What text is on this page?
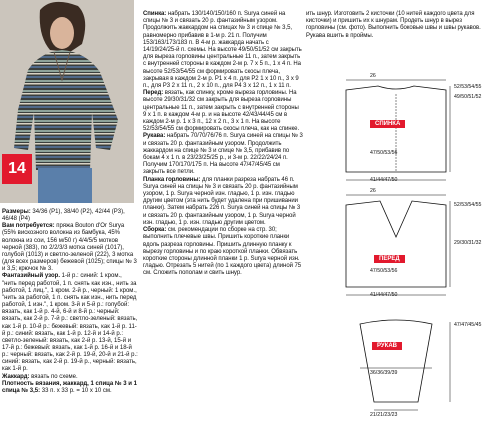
14

Размеры: 34/36 (P1), 38/40 (P2), 42/44 (P3), 46/48 (P4)

Вам потребуется: пряжа Bouton d'Or Surya (55% вискозного волокна из бамбука, 45% волокна из сои, 156 м/50 г) 4/4/5/5 мотков черной (383), по 2/2/3/3 мотка синей (1017), голубой (1013) и светло-зеленой (222), 3 мотка (для всех размеров) бежевой (1025); спицы № 3 и 3,5; крючок № 3.

Фантазийный узор. 1-й р.: синий: 1 кром., "нить перед работой, 1 п. снять как изн., нить за работой, 1 лиц.", 1 кром. 2-й р., черный: 1 кром., "нить за работой, 1 п. снять как изн., нить перед работой, 1 изн.", 1 кром. 3-й и 5-й р.: голубой: вязать, как 1-й р. 4-й, 6-й и 8-й р.: черный: вязать, как 2-й р. 7-й р.: светло-зеленый: вязать, как 1-й р. 10-й р.: бежевый: вязать, как 1-й р. 11-й р.: синий: вязать, как 1-й р. 12-й и 14-й р.: светло-зеленый: вязать, как 2-й р. 13-й, 15-й и 17-й р.: бежевый: вязать, как 1-й р. 16-й и 18-й р.: черный: вязать, как 2-й р. 19-й, 20-й и 21-й р.: синий: вязать, как 2-й р. 19-й р., черный: вязать, как 1-й р.

Жаккард: вязать по схеме.

Плотность вязания, жаккард, 1 спица № 3 и 1 спица № 3,5: 33 п. x 33 р. = 10 x 10 см.

Спинка: набрать 130/140/150/160 п. Surya синей на спицы № 3 и связать 20 р. фантазийным узором. Продолжить жаккардом на спицах № 3 и спице № 3,5, равномерно прибавив в 1-м р. 21 п. Получим 153/163/173/183 п. В 4-м р. жаккарда начать с 14/19/24/25-й п. схемы. На высоте 49/50/51/52 см закрыть для выреза горловины центральные 11 п., затем закрыть с внутренней стороны в каждом 2-м р. 7 х 5 п., 1 х 4 п. На высоте 52/53/54/55 см формировать скосы плеча, закрывая в каждом 2-м р. Р1 х 4 п. для Р2 1 х 10 п., 3 х 9 п., для Р3 2 х 11 п., 2 х 10 п., для Р4 3 х 12 п., 1 х 11 п.

Перед: вязать, как спинку, кроме выреза горловины. На высоте 29/30/31/32 см закрыть для выреза горловины центральные 11 п., затем закрыть с внутренней стороны 9 х 1 п. в каждом 4-м р. и на высоте 42/43/44/45 см в каждом 2-м р. 1 х 3 п., 12 х 2 п., 3 х 1 п. На высоте 52/53/54/55 см формировать скосы плеча, как на спинке.

Рукава: набрать 70/70/76/76 п. Surya синей на спицы № 3 и связать 20 р. фантазийным узором. Продолжить жаккардом на спице № 3 и спице № 3,5, прибавив по бокам 4 х 1 п. в 23/23/25/25 р., и 3-м р. 22/22/24/24 п. Получим 170/170/175 п. На высоте 47/47/45/45 см закрыть все петли.

Планка горловины: для планки разреза набрать 46 п. Surya синей на спицы № 3 и связать 20 р. фантазийным узором, 1 р. Surya черной изн. гладью, 1 р. изн. гладью другим цветом (эта нить будет удалена при пришивании планки). Затем набрать 226 п. Surya синей на спицы № 3 и связать 20 р. фантазийным узором, 1 р. Surya черной изн. гладью, 1 р. изн. гладью другим цветом.

Сборка: см. рекомендации по сборке на стр. 30; выполнить плечевые швы. Пришить короткие планки вдоль разреза горловины. Пришить длинную планку к вырезу горловины и по краю короткой планки. Обвязать короткие стороны длинной планки 1 р. Surya черной изн. гладью. Отрезать 5 нитей (по 1 каждого цвета) длиной 75 см. Сложить пополам и свить шнур.

ить шнур. Изготовить 2 кисточки (10 нитей каждого цвета для кисточки) и пришить их к шнурам. Продеть шнур в вырез горловины (см. фото). Выполнить боковые швы и швы рукавов. Рукава вшить в проймы.

26
52/53/54/55
49/50/51/52
СПИНКА
47/50/53/56
41/44/47/50
26
52/53/54/55
29/30/31/32
ПЕРЕД
47/50/53/56
41/44/47/50
47/47/45/45
РУКАВ
36/36/39/39
21/21/23/23
